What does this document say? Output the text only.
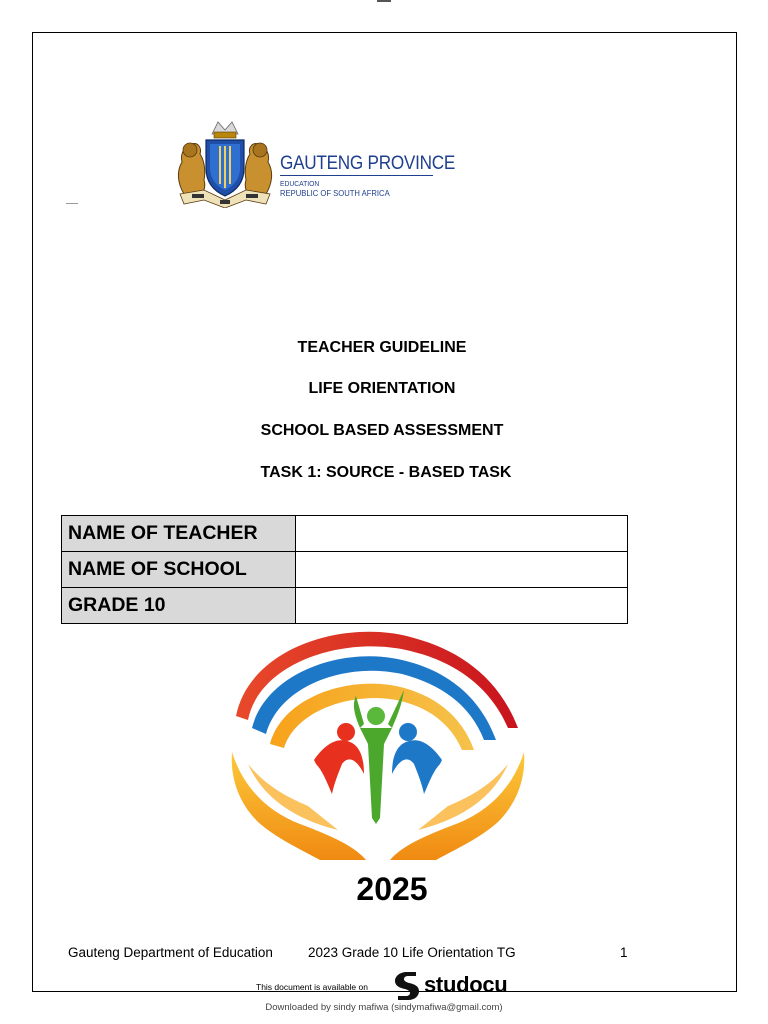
GAUTENG PROVINCE
EDUCATION
REPUBLIC OF SOUTH AFRICA
TEACHER GUIDELINE
LIFE ORIENTATION
SCHOOL BASED ASSESSMENT
TASK 1: SOURCE - BASED TASK
NAME OF TEACHER	
NAME OF SCHOOL	
GRADE 10	
2025
Gauteng Department of Education	2023 Grade 10 Life Orientation TG	1
This document is available on	studocu
Downloaded by sindy mafiwa (sindymafiwa@gmail.com)
